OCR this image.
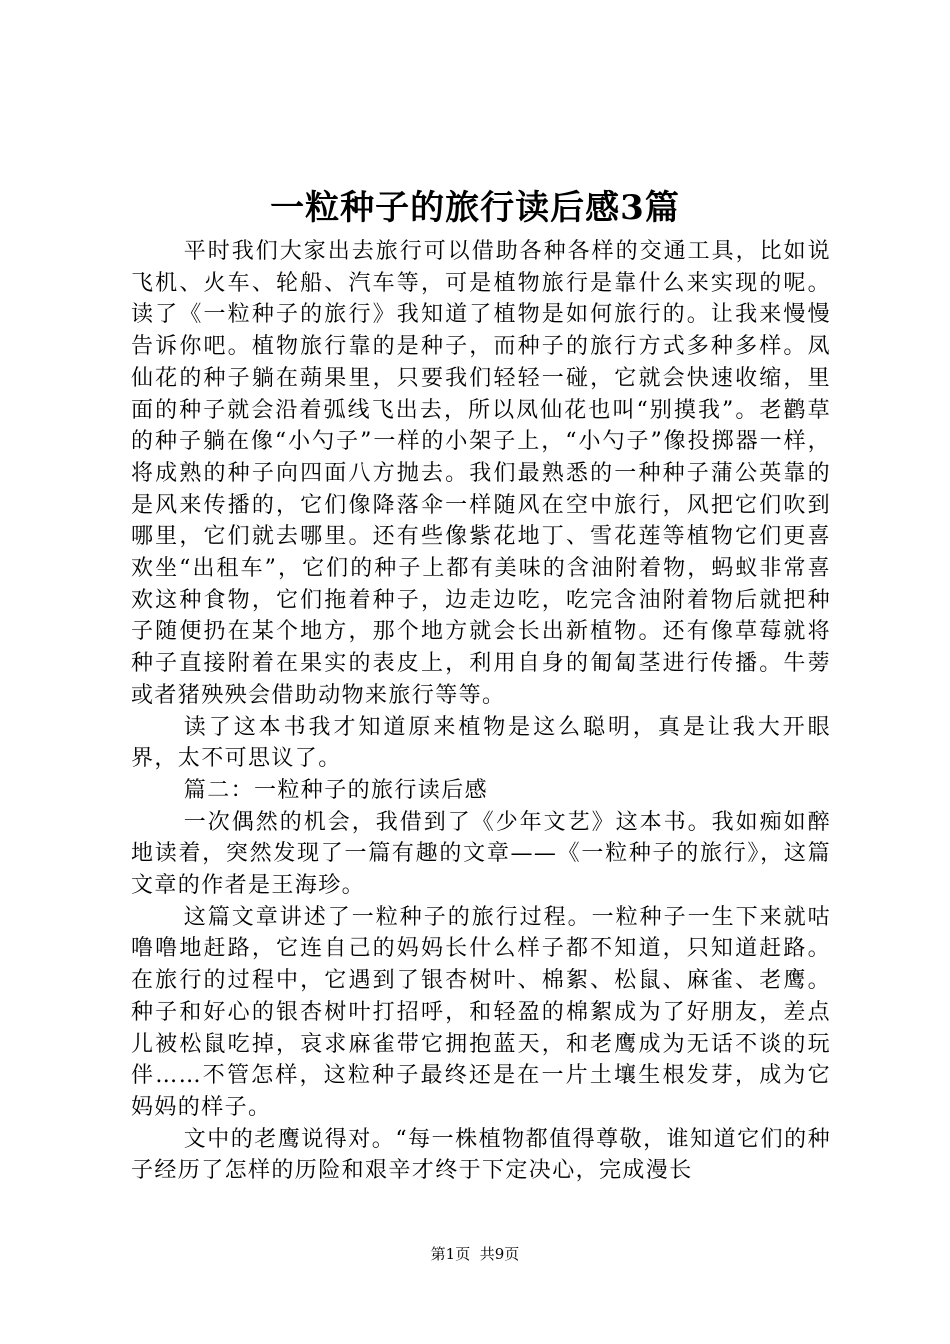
一粒种子的旅行读后感3篇

平时我们大家出去旅行可以借助各种各样的交通工具，比如说飞机、火车、轮船、汽车等，可是植物旅行是靠什么来实现的呢。读了《一粒种子的旅行》我知道了植物是如何旅行的。让我来慢慢告诉你吧。植物旅行靠的是种子，而种子的旅行方式多种多样。凤仙花的种子躺在蒴果里，只要我们轻轻一碰，它就会快速收缩，里面的种子就会沿着弧线飞出去，所以凤仙花也叫“别摸我”。老鹳草的种子躺在像“小勺子”一样的小架子上，“小勺子”像投掷器一样，将成熟的种子向四面八方抛去。我们最熟悉的一种种子蒲公英靠的是风来传播的，它们像降落伞一样随风在空中旅行，风把它们吹到哪里，它们就去哪里。还有些像紫花地丁、雪花莲等植物它们更喜欢坐“出租车”，它们的种子上都有美味的含油附着物，蚂蚁非常喜欢这种食物，它们拖着种子，边走边吃，吃完含油附着物后就把种子随便扔在某个地方，那个地方就会长出新植物。还有像草莓就将种子直接附着在果实的表皮上，利用自身的匍匐茎进行传播。牛蒡或者猪殃殃会借助动物来旅行等等。

读了这本书我才知道原来植物是这么聪明，真是让我大开眼界，太不可思议了。

篇二：一粒种子的旅行读后感

一次偶然的机会，我借到了《少年文艺》这本书。我如痴如醉地读着，突然发现了一篇有趣的文章——《一粒种子的旅行》，这篇文章的作者是王海珍。

这篇文章讲述了一粒种子的旅行过程。一粒种子一生下来就咕噜噜地赶路，它连自己的妈妈长什么样子都不知道，只知道赶路。在旅行的过程中，它遇到了银杏树叶、棉絮、松鼠、麻雀、老鹰。种子和好心的银杏树叶打招呼，和轻盈的棉絮成为了好朋友，差点儿被松鼠吃掉，哀求麻雀带它拥抱蓝天，和老鹰成为无话不谈的玩伴……不管怎样，这粒种子最终还是在一片土壤生根发芽，成为它妈妈的样子。

文中的老鹰说得对。“每一株植物都值得尊敬，谁知道它们的种子经历了怎样的历险和艰辛才终于下定决心，完成漫长

第1页 共9页
